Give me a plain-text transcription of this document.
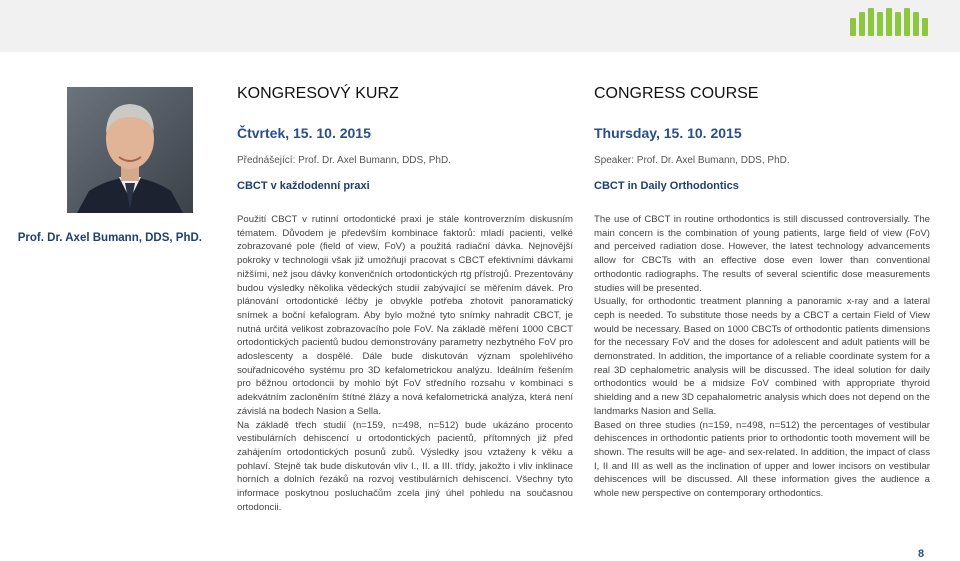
Prof. Dr. Axel Bumann, DDS, PhD.
KONGRESOVÝ KURZ
Čtvrtek, 15. 10. 2015
Přednášející: Prof. Dr. Axel Bumann, DDS, PhD.
CBCT v každodenní praxi

Použití CBCT v rutinní ortodontické praxi je stále kontroverzním diskusním tématem. Důvodem je především kombinace faktorů: mladí pacienti, velké zobrazované pole (field of view, FoV) a použitá radiační dávka. Nejnovější pokroky v technologii však již umožňují pracovat s CBCT efektivními dávkami nižšími, než jsou dávky konvenčních ortodontických rtg přístrojů. Prezentovány budou výsledky několika vědeckých studií zabývající se měřením dávek. Pro plánování ortodontické léčby je obvykle potřeba zhotovit panoramatický snímek a boční kefalogram. Aby bylo možné tyto snímky nahradit CBCT, je nutná určitá velikost zobrazovacího pole FoV. Na základě měření 1000 CBCT ortodontických pacientů budou demonstrovány parametry nezbytného FoV pro adoslescenty a dospělé. Dále bude diskutován význam spolehlivého souřadnicového systému pro 3D kefalometrickou analýzu. Ideálním řešením pro běžnou ortodoncii by mohlo být FoV středního rozsahu v kombinaci s adekvátním zacloněním štítné žlázy a nová kefalometrická analýza, která není závislá na bodech Nasion a Sella.

Na základě třech studií (n=159, n=498, n=512) bude ukázáno procento vestibulárních dehiscencí u ortodontických pacientů, přítomných již před zahájením ortodontických posunů zubů. Výsledky jsou vztaženy k věku a pohlaví. Stejně tak bude diskutován vliv I., II. a III. třídy, jakožto i vliv inklinace horních a dolních řezáků na rozvoj vestibulárních dehiscencí. Všechny tyto informace poskytnou posluchačům zcela jiný úhel pohledu na současnou ortodoncii.

CONGRESS COURSE
Thursday, 15. 10. 2015
Speaker: Prof. Dr. Axel Bumann, DDS, PhD.
CBCT in Daily Orthodontics

The use of CBCT in routine orthodontics is still discussed controversially. The main concern is the combination of young patients, large field of view (FoV) and perceived radiation dose. However, the latest technology advancements allow for CBCTs with an effective dose even lower than conventional orthodontic radiographs. The results of several scientific dose measurements studies will be presented.

Usually, for orthodontic treatment planning a panoramic x-ray and a lateral ceph is needed. To substitute those needs by a CBCT a certain Field of View would be necessary. Based on 1000 CBCTs of orthodontic patients dimensions for the necessary FoV and the doses for adolescent and adult patients will be demonstrated. In addition, the importance of a reliable coordinate system for a real 3D cephalometric analysis will be discussed. The ideal solution for daily orthodontics would be a midsize FoV combined with appropriate thyroid shielding and a new 3D cepahalometric analysis which does not depend on the landmarks Nasion and Sella.

Based on three studies (n=159, n=498, n=512) the percentages of vestibular dehiscences in orthodontic patients prior to orthodontic tooth movement will be shown. The results will be age- and sex-related. In addition, the impact of class I, II and III as well as the inclination of upper and lower incisors on vestibular dehiscences will be discussed. All these information gives the audience a whole new perspective on contemporary orthodontics.

8
